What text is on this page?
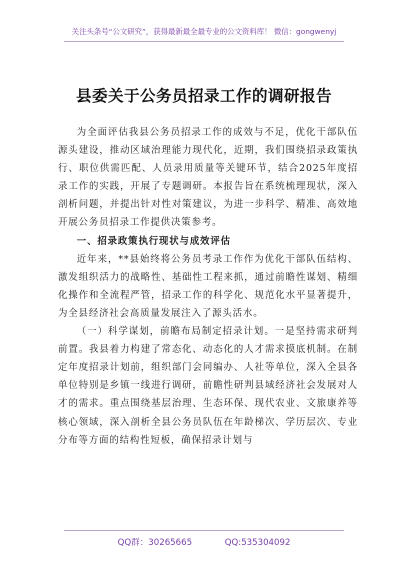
关注头条号“公文研究”，获得最新最全最专业的公文资料库！ 微信：gongwenyj
县委关于公务员招录工作的调研报告

为全面评估我县公务员招录工作的成效与不足，优化干部队伍源头建设，推动区域治理能力现代化，近期，我们围绕招录政策执行、职位供需匹配、人员录用质量等关键环节，结合2025年度招录工作的实践，开展了专题调研。本报告旨在系统梳理现状，深入剖析问题，并提出针对性对策建议，为进一步科学、精准、高效地开展公务员招录工作提供决策参考。

一、招录政策执行现状与成效评估

近年来，**县始终将公务员考录工作作为优化干部队伍结构、激发组织活力的战略性、基础性工程来抓，通过前瞻性谋划、精细化操作和全流程严管，招录工作的科学化、规范化水平显著提升，为全县经济社会高质量发展注入了源头活水。

（一）科学谋划，前瞻布局制定招录计划。一是坚持需求研判前置。我县着力构建了常态化、动态化的人才需求摸底机制。在制定年度招录计划前，组织部门会同编办、人社等单位，深入全县各单位特别是乡镇一线进行调研，前瞻性研判县域经济社会发展对人才的需求。重点围绕基层治理、生态环保、现代农业、文旅康养等核心领域，深入剖析全县公务员队伍在年龄梯次、学历层次、专业分布等方面的结构性短板，确保招录计划与

QQ群：30265665	QQ:535304092
